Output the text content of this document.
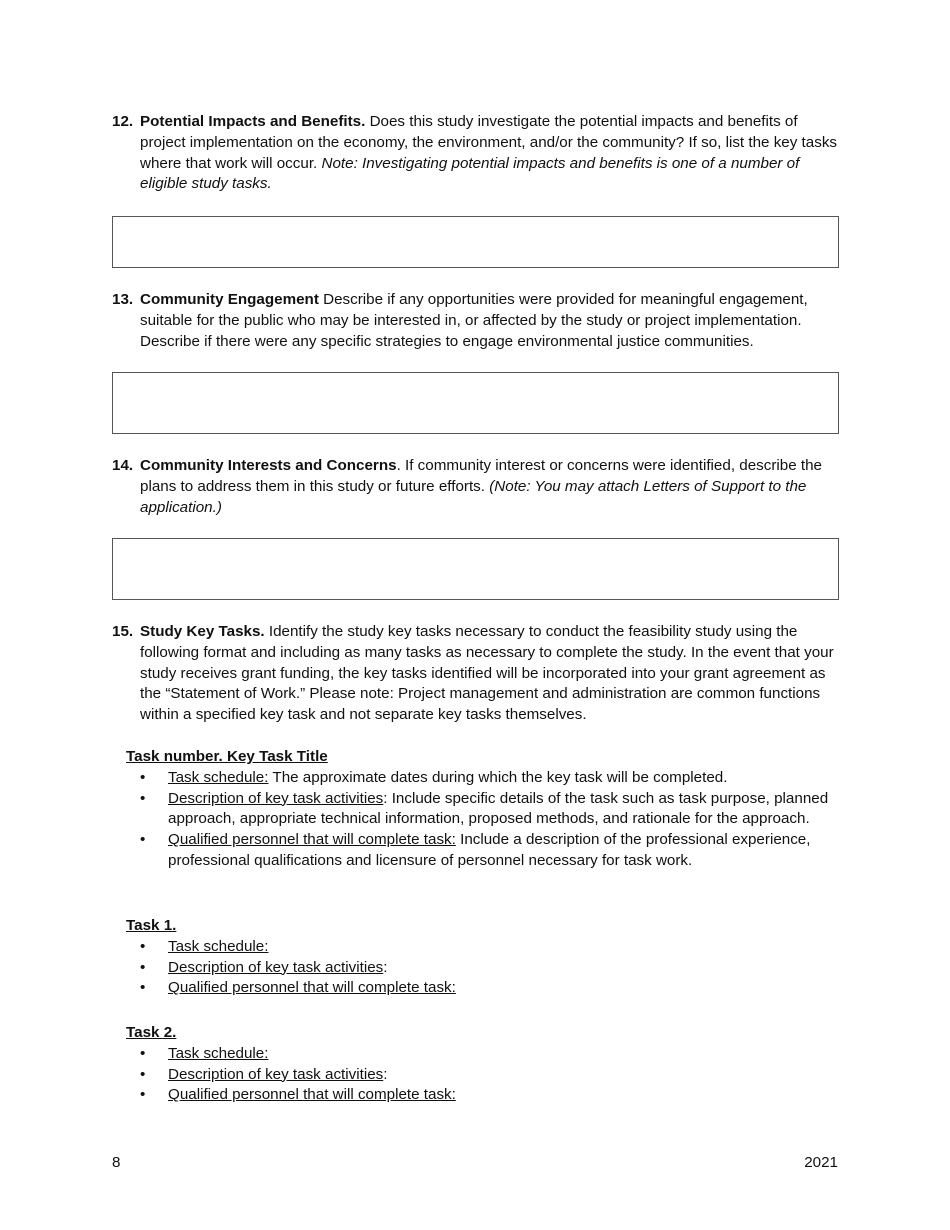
12. Potential Impacts and Benefits. Does this study investigate the potential impacts and benefits of project implementation on the economy, the environment, and/or the community? If so, list the key tasks where that work will occur. Note: Investigating potential impacts and benefits is one of a number of eligible study tasks.
13. Community Engagement Describe if any opportunities were provided for meaningful engagement, suitable for the public who may be interested in, or affected by the study or project implementation. Describe if there were any specific strategies to engage environmental justice communities.
14. Community Interests and Concerns. If community interest or concerns were identified, describe the plans to address them in this study or future efforts. (Note: You may attach Letters of Support to the application.)
15. Study Key Tasks. Identify the study key tasks necessary to conduct the feasibility study using the following format and including as many tasks as necessary to complete the study. In the event that your study receives grant funding, the key tasks identified will be incorporated into your grant agreement as the “Statement of Work.” Please note: Project management and administration are common functions within a specified key task and not separate key tasks themselves.
Task number. Key Task Title
• Task schedule: The approximate dates during which the key task will be completed.
• Description of key task activities: Include specific details of the task such as task purpose, planned approach, appropriate technical information, proposed methods, and rationale for the approach.
• Qualified personnel that will complete task: Include a description of the professional experience, professional qualifications and licensure of personnel necessary for task work.
Task 1.
• Task schedule:
• Description of key task activities:
• Qualified personnel that will complete task:
Task 2.
• Task schedule:
• Description of key task activities:
• Qualified personnel that will complete task:
8	2021
